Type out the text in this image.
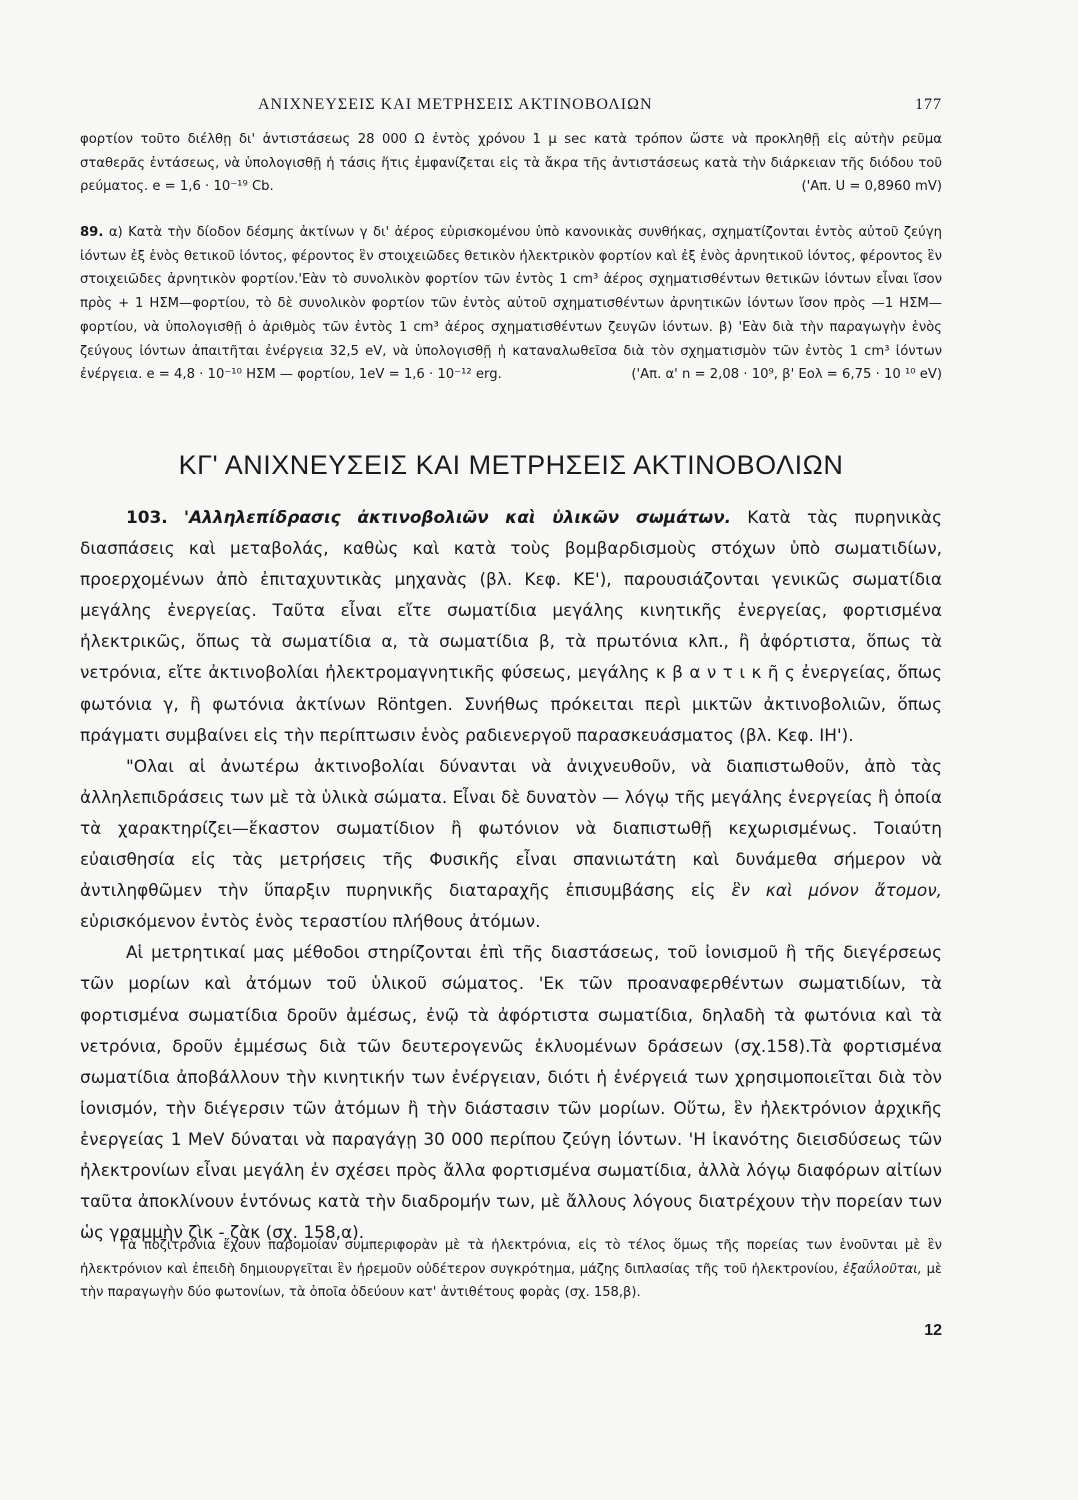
ΑΝΙΧΝΕΥΣΕΙΣ ΚΑΙ ΜΕΤΡΗΣΕΙΣ ΑΚΤΙΝΟΒΟΛΙΩΝ	177
φορτίον τοῦτο διέλθῃ δι' ἀντιστάσεως 28 000 Ω ἐντὸς χρόνου 1 μ sec κατὰ τρόπον ὥστε νὰ προκληθῇ εἰς αὐτὴν ρεῦμα σταθερᾶς ἐντάσεως, νὰ ὑπολογισθῇ ἡ τάσις ἥτις ἐμφανίζεται εἰς τὰ ἄκρα τῆς ἀντιστάσεως κατὰ τὴν διάρκειαν τῆς διόδου τοῦ ρεύματος. e = 1,6 · 10⁻¹⁹ Cb.	('Απ. U = 0,8960 mV)
89. α) Κατὰ τὴν δίοδον δέσμης ἀκτίνων γ δι' ἀέρος εὑρισκομένου ὑπὸ κανονικὰς συνθήκας, σχηματίζονται ἐντὸς αὐτοῦ ζεύγη ἰόντων ἐξ ἑνὸς θετικοῦ ἰόντος, φέροντος ἓν στοιχειῶδες θετικὸν ἠλεκτρικὸν φορτίον καὶ ἐξ ἑνὸς ἀρνητικοῦ ἰόντος, φέροντος ἓν στοιχειῶδες ἀρνητικὸν φορτίον.'Εὰν τὸ συνολικὸν φορτίον τῶν ἐντὸς 1 cm³ ἀέρος σχηματισθέντων θετικῶν ἰόντων εἶναι ἴσον πρὸς + 1 ΗΣΜ—φορτίου, τὸ δὲ συνολικὸν φορτίον τῶν ἐντὸς αὐτοῦ σχηματισθέντων ἀρνητικῶν ἰόντων ἴσον πρὸς —1 ΗΣΜ— φορτίου, νὰ ὑπολογισθῇ ὁ ἀριθμὸς τῶν ἐντὸς 1 cm³ ἀέρος σχηματισθέντων ζευγῶν ἰόντων. β) 'Εὰν διὰ τὴν παραγωγὴν ἑνὸς ζεύγους ἰόντων ἀπαιτῆται ἐνέργεια 32,5 eV, νὰ ὑπολογισθῇ ἡ καταναλωθεῖσα διὰ τὸν σχηματισμὸν τῶν ἐντὸς 1 cm³ ἰόντων ἐνέργεια. e = 4,8 · 10⁻¹⁰ ΗΣΜ — φορτίου, 1eV = 1,6 · 10⁻¹² erg.	('Απ. α' n = 2,08 · 10⁹, β' Eολ = 6,75 · 10 ¹⁰ eV)
ΚΓ' ΑΝΙΧΝΕΥΣΕΙΣ ΚΑΙ ΜΕΤΡΗΣΕΙΣ ΑΚΤΙΝΟΒΟΛΙΩΝ

103. 'Αλληλεπίδρασις ἀκτινοβολιῶν καὶ ὑλικῶν σωμάτων. Κατὰ τὰς πυρηνικὰς διασπάσεις καὶ μεταβολάς, καθὼς καὶ κατὰ τοὺς βομβαρδισμοὺς στόχων ὑπὸ σωματιδίων, προερχομένων ἀπὸ ἐπιταχυντικὰς μηχανὰς (βλ. Κεφ. ΚΕ'), παρουσιάζονται γενικῶς σωματίδια μεγάλης ἐνεργείας. Ταῦτα εἶναι εἴτε σωματίδια μεγάλης κινητικῆς ἐνεργείας, φορτισμένα ἠλεκτρικῶς, ὅπως τὰ σωματίδια α, τὰ σωματίδια β, τὰ πρωτόνια κλπ., ἢ ἀφόρτιστα, ὅπως τὰ νετρόνια, εἴτε ἀκτινοβολίαι ἠλεκτρομαγνητικῆς φύσεως, μεγάλης κ β α ν τ ι κ ῆ ς ἐνεργείας, ὅπως φωτόνια γ, ἢ φωτόνια ἀκτίνων Röntgen. Συνήθως πρόκειται περὶ μικτῶν ἀκτινοβολιῶν, ὅπως πράγματι συμβαίνει εἰς τὴν περίπτωσιν ἑνὸς ραδιενεργοῦ παρασκευάσματος (βλ. Κεφ. ΙΗ').

"Ολαι αἱ ἀνωτέρω ἀκτινοβολίαι δύνανται νὰ ἀνιχνευθοῦν, νὰ διαπιστωθοῦν, ἀπὸ τὰς ἀλληλεπιδράσεις των μὲ τὰ ὑλικὰ σώματα. Εἶναι δὲ δυνατὸν — λόγῳ τῆς μεγάλης ἐνεργείας ἣ ὁποία τὰ χαρακτηρίζει—ἕκαστον σωματίδιον ἢ φωτόνιον νὰ διαπιστωθῇ κεχωρισμένως. Τοιαύτη εὐαισθησία εἰς τὰς μετρήσεις τῆς Φυσικῆς εἶναι σπανιωτάτη καὶ δυνάμεθα σήμερον νὰ ἀντιληφθῶμεν τὴν ὕπαρξιν πυρηνικῆς διαταραχῆς ἐπισυμβάσης εἰς ἓν καὶ μόνον ἄτομον, εὑρισκόμενον ἐντὸς ἑνὸς τεραστίου πλήθους ἀτόμων.

Αἱ μετρητικαί μας μέθοδοι στηρίζονται ἐπὶ τῆς διαστάσεως, τοῦ ἰονισμοῦ ἢ τῆς διεγέρσεως τῶν μορίων καὶ ἀτόμων τοῦ ὑλικοῦ σώματος. 'Εκ τῶν προαναφερθέντων σωματιδίων, τὰ φορτισμένα σωματίδια δροῦν ἀμέσως, ἐνῷ τὰ ἀφόρτιστα σωματίδια, δηλαδὴ τὰ φωτόνια καὶ τὰ νετρόνια, δροῦν ἐμμέσως διὰ τῶν δευτερογενῶς ἐκλυομένων δράσεων (σχ.158).Τὰ φορτισμένα σωματίδια ἀποβάλλουν τὴν κινητικήν των ἐνέργειαν, διότι ἡ ἐνέργειά των χρησιμοποιεῖται διὰ τὸν ἰονισμόν, τὴν διέγερσιν τῶν ἀτόμων ἢ τὴν διάστασιν τῶν μορίων. Οὕτω, ἓν ἠλεκτρόνιον ἀρχικῆς ἐνεργείας 1 MeV δύναται νὰ παραγάγῃ 30 000 περίπου ζεύγη ἰόντων. 'Η ἱκανότης διεισδύσεως τῶν ἠλεκτρονίων εἶναι μεγάλη ἐν σχέσει πρὸς ἄλλα φορτισμένα σωματίδια, ἀλλὰ λόγῳ διαφόρων αἰτίων ταῦτα ἀποκλίνουν ἐντόνως κατὰ τὴν διαδρομήν των, μὲ ἄλλους λόγους διατρέχουν τὴν πορείαν των ὡς γραμμὴν ζὶκ - ζὰκ (σχ. 158,α).

Τὰ ποζιτρόνια ἔχουν παρομοίαν συμπεριφορὰν μὲ τὰ ἠλεκτρόνια, εἰς τὸ τέλος ὅμως τῆς πορείας των ἑνοῦνται μὲ ἓν ἠλεκτρόνιον καὶ ἐπειδὴ δημιουργεῖται ἓν ἠρεμοῦν οὐδέτερον συγκρότημα, μάζης διπλασίας τῆς τοῦ ἠλεκτρονίου, ἐξαΰλοῦται, μὲ τὴν παραγωγὴν δύο φωτονίων, τὰ ὁποῖα ὁδεύουν κατ' ἀντιθέτους φορὰς (σχ. 158,β).

12
